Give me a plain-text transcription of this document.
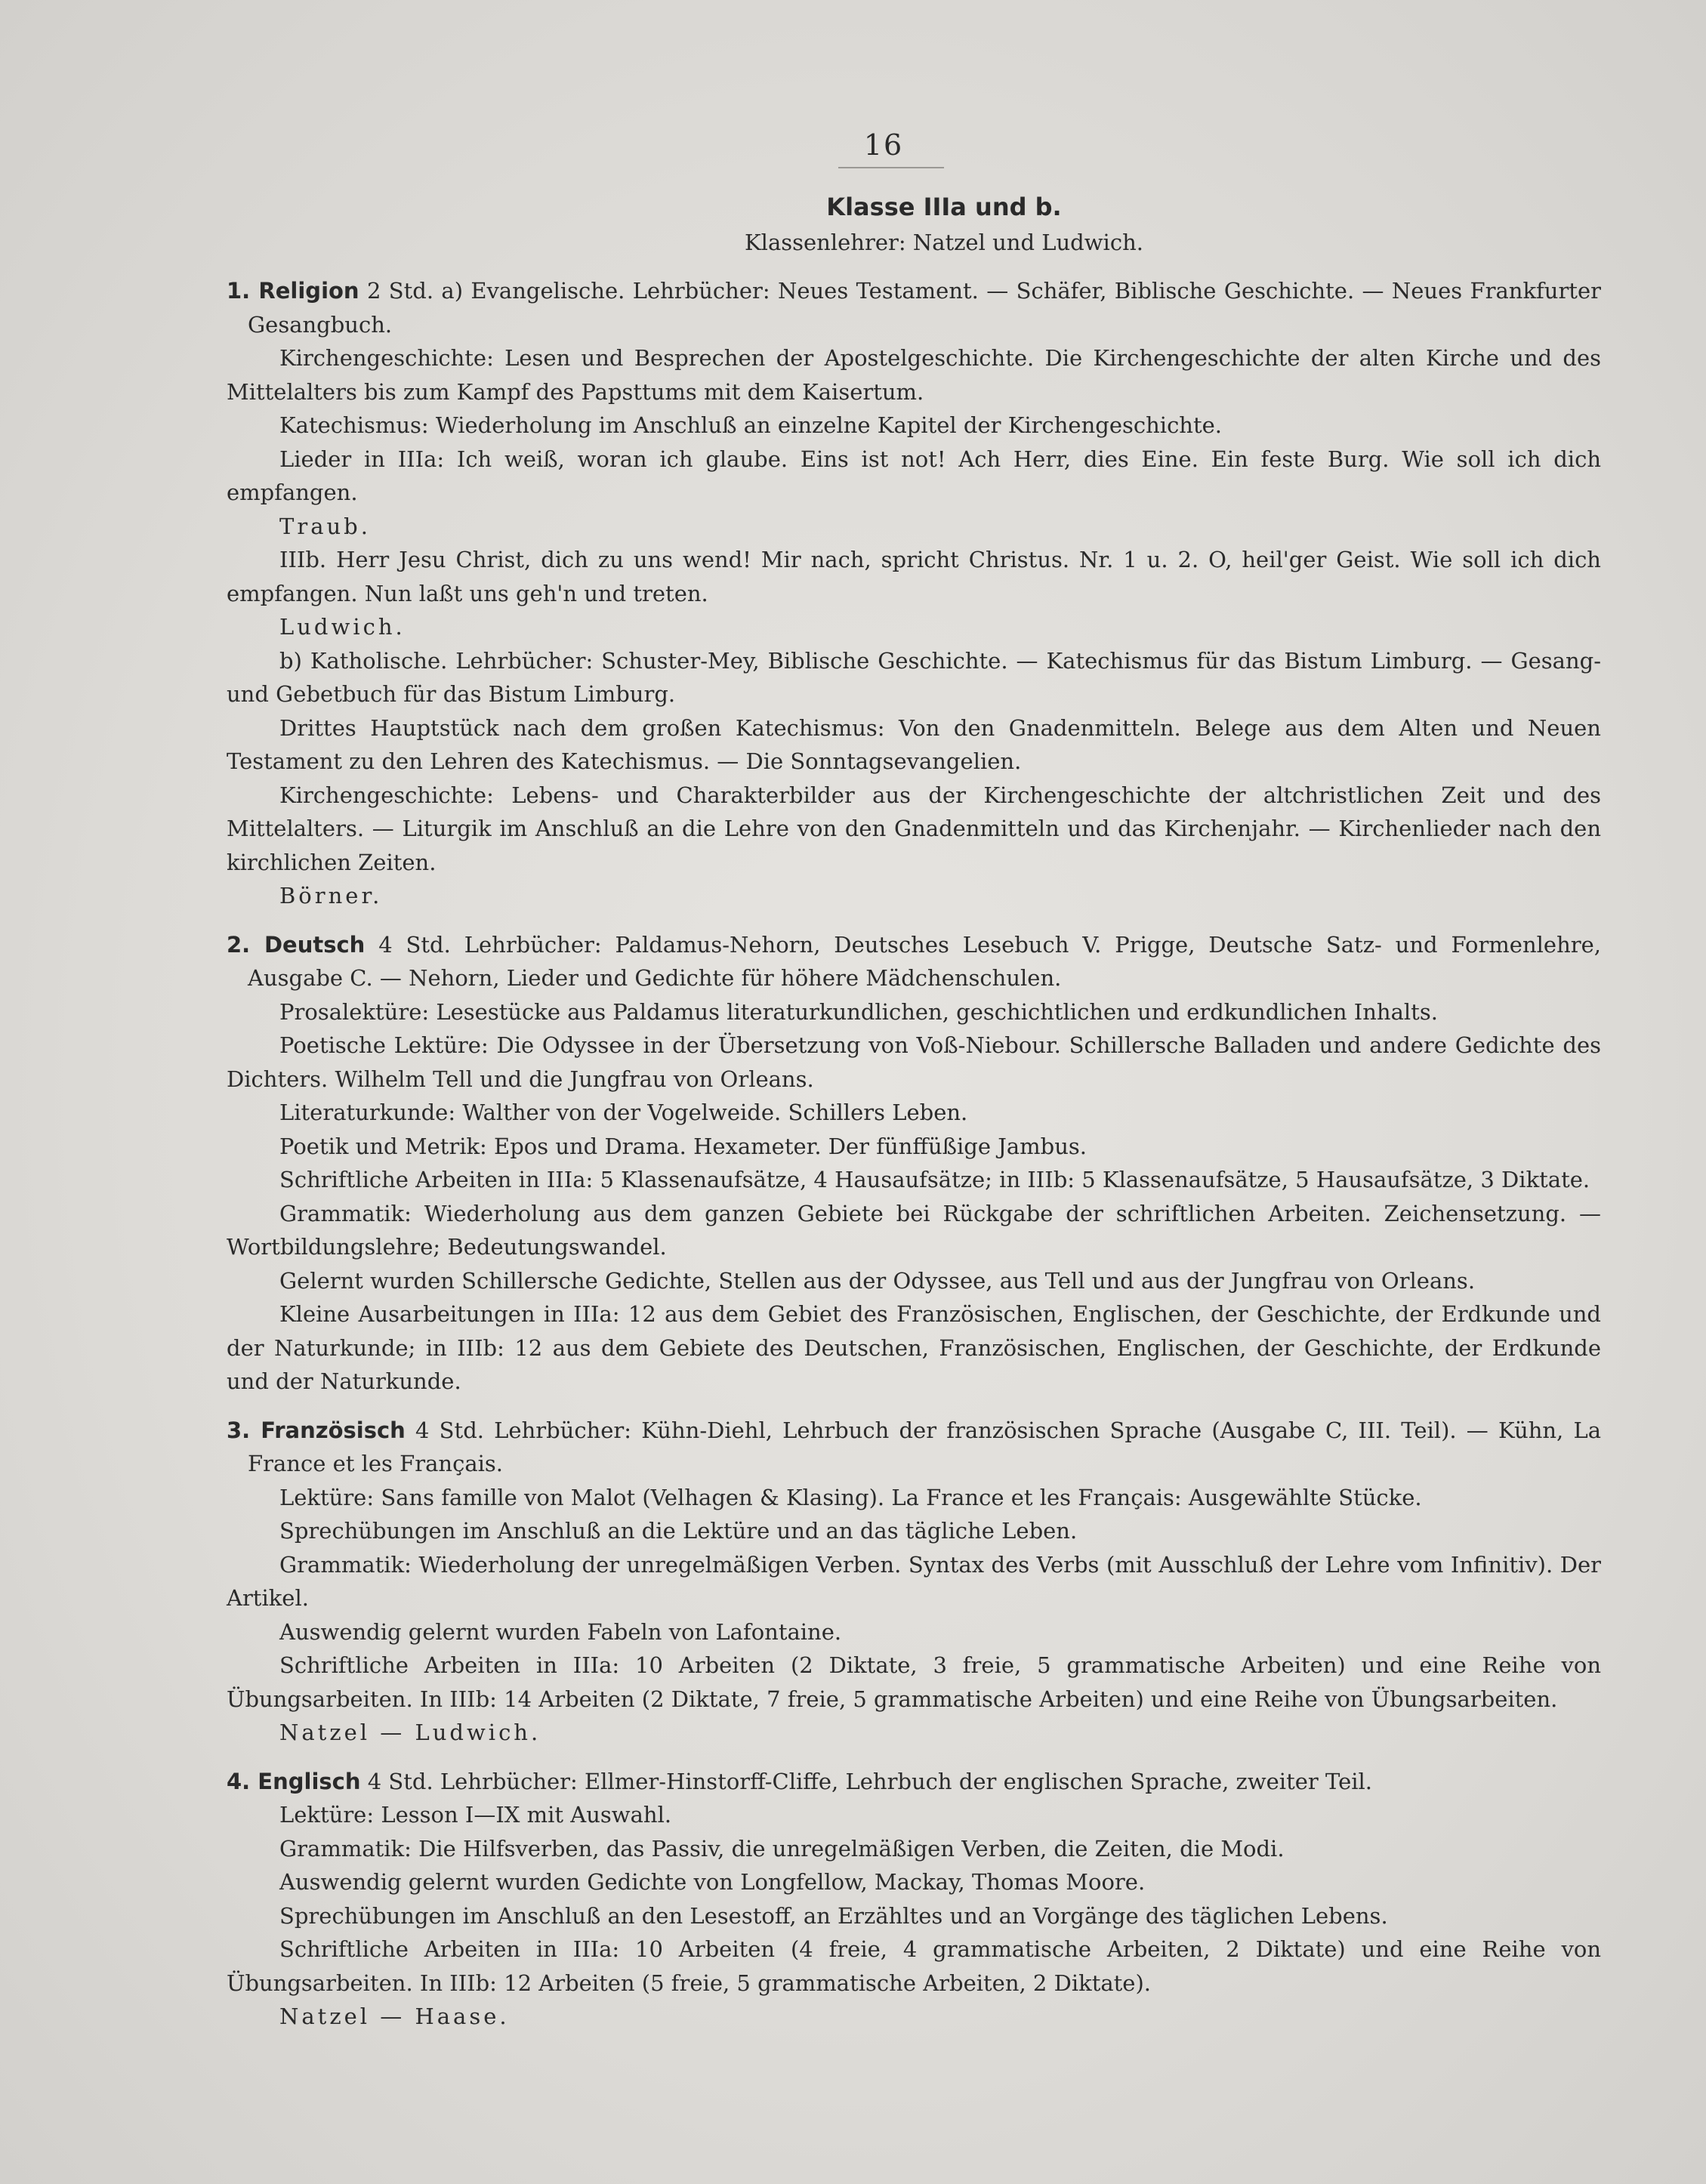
16
Klasse IIIa und b.
Klassenlehrer: Natzel und Ludwich.
1. Religion 2 Std. a) Evangelische. Lehrbücher: Neues Testament. — Schäfer, Biblische Geschichte. — Neues Frankfurter Gesangbuch.
Kirchengeschichte: Lesen und Besprechen der Apostelgeschichte. Die Kirchengeschichte der alten Kirche und des Mittelalters bis zum Kampf des Papsttums mit dem Kaisertum.
Katechismus: Wiederholung im Anschluß an einzelne Kapitel der Kirchengeschichte.
Lieder in IIIa: Ich weiß, woran ich glaube. Eins ist not! Ach Herr, dies Eine. Ein feste Burg. Wie soll ich dich empfangen.
Traub.
IIIb. Herr Jesu Christ, dich zu uns wend! Mir nach, spricht Christus. Nr. 1 u. 2. O, heil'ger Geist. Wie soll ich dich empfangen. Nun laßt uns geh'n und treten.
Ludwich.
b) Katholische. Lehrbücher: Schuster-Mey, Biblische Geschichte. — Katechismus für das Bistum Limburg. — Gesang- und Gebetbuch für das Bistum Limburg.
Drittes Hauptstück nach dem großen Katechismus: Von den Gnadenmitteln. Belege aus dem Alten und Neuen Testament zu den Lehren des Katechismus. — Die Sonntagsevangelien.
Kirchengeschichte: Lebens- und Charakterbilder aus der Kirchengeschichte der altchristlichen Zeit und des Mittelalters. — Liturgik im Anschluß an die Lehre von den Gnadenmitteln und das Kirchenjahr. — Kirchenlieder nach den kirchlichen Zeiten.
Börner.
2. Deutsch 4 Std. Lehrbücher: Paldamus-Nehorn, Deutsches Lesebuch V. Prigge, Deutsche Satz- und Formenlehre, Ausgabe C. — Nehorn, Lieder und Gedichte für höhere Mädchenschulen.
Prosalektüre: Lesestücke aus Paldamus literaturkundlichen, geschichtlichen und erdkundlichen Inhalts.
Poetische Lektüre: Die Odyssee in der Übersetzung von Voß-Niebour. Schillersche Balladen und andere Gedichte des Dichters. Wilhelm Tell und die Jungfrau von Orleans.
Literaturkunde: Walther von der Vogelweide. Schillers Leben.
Poetik und Metrik: Epos und Drama. Hexameter. Der fünffüßige Jambus.
Schriftliche Arbeiten in IIIa: 5 Klassenaufsätze, 4 Hausaufsätze; in IIIb: 5 Klassenaufsätze, 5 Hausaufsätze, 3 Diktate.
Grammatik: Wiederholung aus dem ganzen Gebiete bei Rückgabe der schriftlichen Arbeiten. Zeichensetzung. — Wortbildungslehre; Bedeutungswandel.
Gelernt wurden Schillersche Gedichte, Stellen aus der Odyssee, aus Tell und aus der Jungfrau von Orleans.
Kleine Ausarbeitungen in IIIa: 12 aus dem Gebiet des Französischen, Englischen, der Geschichte, der Erdkunde und der Naturkunde; in IIIb: 12 aus dem Gebiete des Deutschen, Französischen, Englischen, der Geschichte, der Erdkunde und der Naturkunde.
3. Französisch 4 Std. Lehrbücher: Kühn-Diehl, Lehrbuch der französischen Sprache (Ausgabe C, III. Teil). — Kühn, La France et les Français.
Lektüre: Sans famille von Malot (Velhagen & Klasing). La France et les Français: Ausgewählte Stücke.
Sprechübungen im Anschluß an die Lektüre und an das tägliche Leben.
Grammatik: Wiederholung der unregelmäßigen Verben. Syntax des Verbs (mit Ausschluß der Lehre vom Infinitiv). Der Artikel.
Auswendig gelernt wurden Fabeln von Lafontaine.
Schriftliche Arbeiten in IIIa: 10 Arbeiten (2 Diktate, 3 freie, 5 grammatische Arbeiten) und eine Reihe von Übungsarbeiten. In IIIb: 14 Arbeiten (2 Diktate, 7 freie, 5 grammatische Arbeiten) und eine Reihe von Übungsarbeiten.
Natzel — Ludwich.
4. Englisch 4 Std. Lehrbücher: Ellmer-Hinstorff-Cliffe, Lehrbuch der englischen Sprache, zweiter Teil.
Lektüre: Lesson I—IX mit Auswahl.
Grammatik: Die Hilfsverben, das Passiv, die unregelmäßigen Verben, die Zeiten, die Modi.
Auswendig gelernt wurden Gedichte von Longfellow, Mackay, Thomas Moore.
Sprechübungen im Anschluß an den Lesestoff, an Erzähltes und an Vorgänge des täglichen Lebens.
Schriftliche Arbeiten in IIIa: 10 Arbeiten (4 freie, 4 grammatische Arbeiten, 2 Diktate) und eine Reihe von Übungsarbeiten. In IIIb: 12 Arbeiten (5 freie, 5 grammatische Arbeiten, 2 Diktate).
Natzel — Haase.
